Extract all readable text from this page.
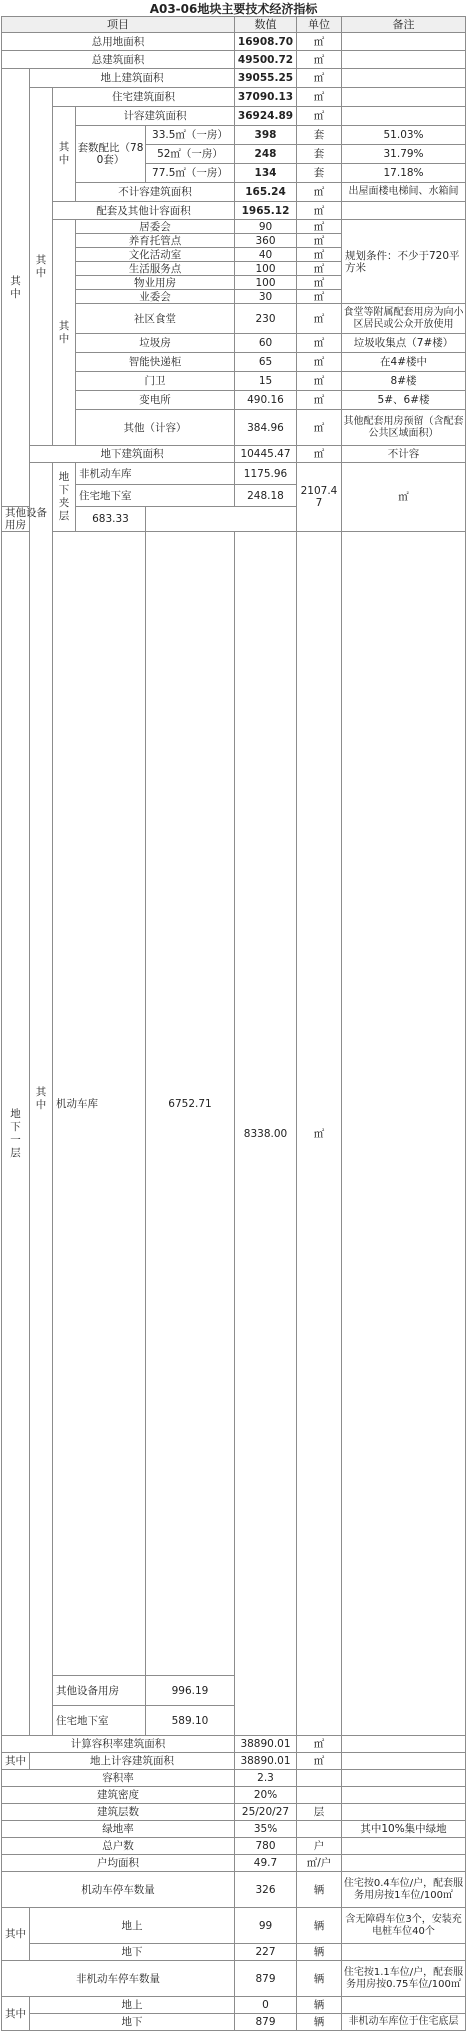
A03-06地块主要技术经济指标								
项目					数值	单位	备注	
总用地面积					16908.70	㎡		
总建筑面积					49500.72	㎡		

其中	地上建筑面积				39055.25	㎡		

	其中	住宅建筑面积			37090.13	㎡		

		其中	计容建筑面积		36924.89	㎡		
			套数配比（780套）	33.5㎡（一房）	398	套	51.03%	
				52㎡（一房）	248	套	31.79%	
				77.5㎡（一房）	134	套	17.18%	
			不计容建筑面积		165.24	㎡	出屋面楼电梯间、水箱间	
		配套及其他计容面积			1965.12	㎡		

		其中	居委会		90	㎡	规划条件：不少于720平方米	
			养育托管点		360	㎡		
			文化活动室		40	㎡		
			生活服务点		100	㎡		
			物业用房		100	㎡		
			业委会		30	㎡		
			社区食堂		230	㎡	食堂等附属配套用房为向小区居民或公众开放使用	
			垃圾房		60	㎡	垃圾收集点（7#楼）	
			智能快递柜		65	㎡	在4#楼中	
			门卫		15	㎡	8#楼	
			变电所		490.16	㎡	5#、6#楼	
			其他（计容）		384.96	㎡	其他配套用房预留（含配套公共区域面积）	
	地下建筑面积				10445.47	㎡	不计容	

	其中	地下夹层	非机动车库		1175.96	2107.47	㎡	
			住宅地下室		248.18			
其他设备用房			683.33					

地下一层		机动车库		6752.71	8338.00	㎡		
		其他设备用房		996.19				
		住宅地下室		589.10				
计算容积率建筑面积					38890.01	㎡		
其中	地上计容建筑面积				38890.01	㎡		
容积率					2.3			
建筑密度					20%			
建筑层数					25/20/27	层		
绿地率					35%		其中10%集中绿地	
总户数					780	户		
户均面积					49.7	㎡/户		
机动车停车数量					326	辆	住宅按0.4车位/户，配套服务用房按1车位/100㎡	
其中	地上				99	辆	含无障碍车位3个，安装充电桩车位40个	
	地下				227	辆		
非机动车停车数量					879	辆	住宅按1.1车位/户，配套服务用房按0.75车位/100㎡	
其中	地上				0	辆		
	地下				879	辆	非机动车库位于住宅底层	
